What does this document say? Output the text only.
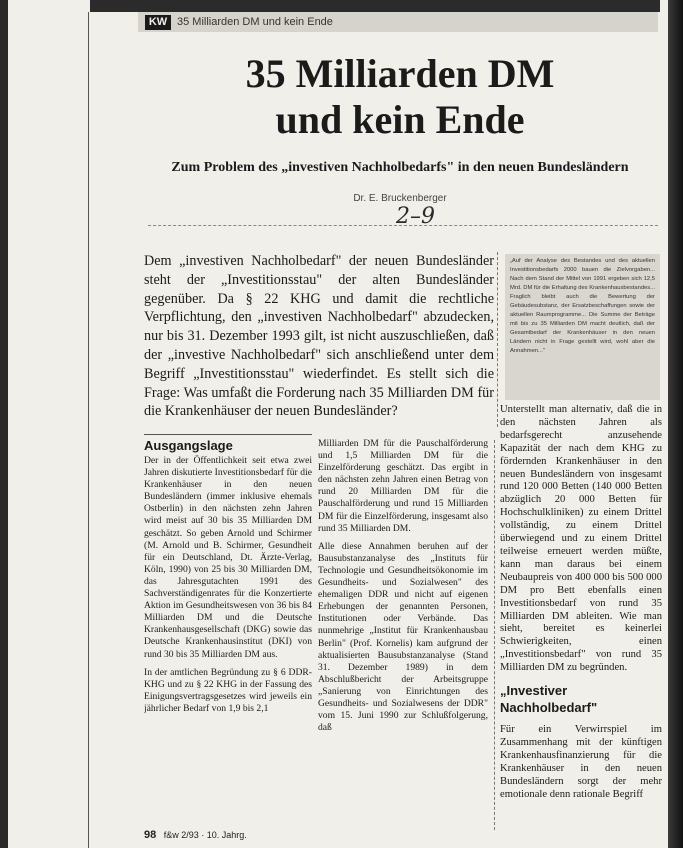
KW 35 Milliarden DM und kein Ende
35 Milliarden DM
und kein Ende
Zum Problem des „investiven Nachholbedarfs" in den neuen Bundesländern
Dr. E. Bruckenberger
2–9
Dem „investiven Nachholbedarf" der neuen Bundesländer steht der „Investitionsstau" der alten Bundesländer gegenüber. Da § 22 KHG und damit die rechtliche Verpflichtung, den „investiven Nachholbedarf" abzudecken, nur bis 31. Dezember 1993 gilt, ist nicht auszuschließen, daß der „investive Nachholbedarf" sich anschließend unter dem Begriff „Investitionsstau" wiederfindet. Es stellt sich die Frage: Was umfaßt die Forderung nach 35 Milliarden DM für die Krankenhäuser der neuen Bundesländer?
„Auf der Analyse des Bestandes und des aktuellen Investitionsbedarfs 2000 bauen die Zielvorgaben... Nach dem Stand der Mittel von 1991 ergeben sich 12,5 Mrd. DM für die Erhaltung des Krankenhausbestandes... Fraglich bleibt auch die Bewertung der Gebäudesubstanz, der Ersatzbeschaffungen sowie der aktuellen Raumprogramme... Die Summe der Beträge mit bis zu 35 Milliarden DM macht deutlich, daß der Gesamtbedarf der Krankenhäuser in den neuen Ländern nicht in Frage gestellt wird, wohl aber die Annahmen..."
Ausgangslage

Der in der Öffentlichkeit seit etwa zwei Jahren diskutierte Investitionsbedarf für die Krankenhäuser in den neuen Bundesländern (immer inklusive ehemals Ostberlin) in den nächsten zehn Jahren wird meist auf 30 bis 35 Milliarden DM geschätzt. So geben Arnold und Schirmer (M. Arnold und B. Schirmer, Gesundheit für ein Deutschland, Dt. Ärzte-Verlag, Köln, 1990) von 25 bis 30 Milliarden DM, das Jahresgutachten 1991 des Sachverständigenrates für die Konzertierte Aktion im Gesundheitswesen von 36 bis 84 Milliarden DM und die Deutsche Krankenhausgesellschaft (DKG) sowie das Deutsche Krankenhausinstitut (DKI) von rund 30 bis 35 Milliarden DM aus.

In der amtlichen Begründung zu § 6 DDR-KHG und zu § 22 KHG in der Fassung des Einigungsvertragsgesetzes wird jeweils ein jährlicher Bedarf von 1,9 bis 2,1

Milliarden DM für die Pauschalförderung und 1,5 Milliarden DM für die Einzelförderung geschätzt. Das ergibt in den nächsten zehn Jahren einen Betrag von rund 20 Milliarden DM für die Pauschalförderung und rund 15 Milliarden DM für die Einzelförderung, insgesamt also rund 35 Milliarden DM.

Alle diese Annahmen beruhen auf der Bausubstanzanalyse des „Instituts für Technologie und Gesundheitsökonomie im Gesundheits- und Sozialwesen" des ehemaligen DDR und nicht auf eigenen Erhebungen der genannten Personen, Institutionen oder Verbände. Das nunmehrige „Institut für Krankenhausbau Berlin" (Prof. Kornelis) kam aufgrund der aktualisierten Bausubstanzanalyse (Stand 31. Dezember 1989) in dem Abschlußbericht der Arbeitsgruppe „Sanierung von Einrichtungen des Gesundheits- und Sozialwesens der DDR" vom 15. Juni 1990 zur Schlußfolgerung, daß

Unterstellt man alternativ, daß die in den nächsten Jahren als bedarfsgerecht anzusehende Kapazität der nach dem KHG zu fördernden Krankenhäuser in den neuen Bundesländern von insgesamt rund 120 000 Betten (140 000 Betten abzüglich 20 000 Betten für Hochschulkliniken) zu einem Drittel vollständig, zu einem Drittel überwiegend und zu einem Drittel teilweise erneuert werden müßte, kann man daraus bei einem Neubaupreis von 400 000 bis 500 000 DM pro Bett ebenfalls einen Investitionsbedarf von rund 35 Milliarden DM ableiten. Wie man sieht, bereitet es keinerlei Schwierigkeiten, einen „Investitionsbedarf" von rund 35 Milliarden DM zu begründen.

„Investiver Nachholbedarf"

Für ein Verwirrspiel im Zusammenhang mit der künftigen Krankenhausfinanzierung für die Krankenhäuser in den neuen Bundesländern sorgt der mehr emotionale denn rationale Begriff

98 f&w 2/93 · 10. Jahrg.
